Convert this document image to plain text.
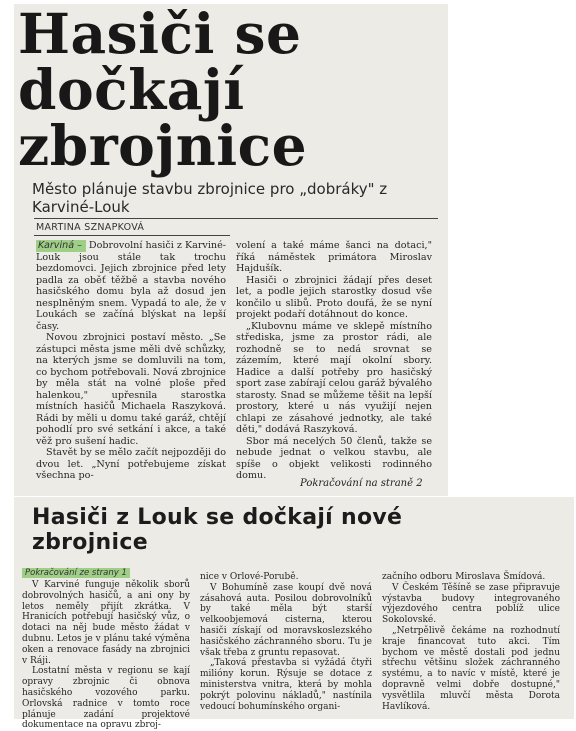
Hasiči se dočkají zbrojnice

Město plánuje stavbu zbrojnice pro „dobráky" z Karviné-Louk

MARTINA SZNAPKOVÁ

Karviná – Dobrovolní hasiči z Karviné-Louk jsou stále tak trochu bezdomovci. Jejich zbrojnice před lety padla za oběť těžbě a stavba nového hasičského domu byla až dosud jen nesplněným snem. Vypadá to ale, že v Loukách se začíná blýskat na lepší časy.

Novou zbrojnici postaví město. „Se zástupci města jsme měli dvě schůzky, na kterých jsme se domluvili na tom, co bychom potřebovali. Nová zbrojnice by měla stát na volné ploše před halenkou," upřesnila starostka místních hasičů Michaela Raszyková. Rádi by měli u domu také garáž, chtějí pohodlí pro své setkání i akce, a také věž pro sušení hadic.

Stavět by se mělo začít nejpozději do dvou let. „Nyní potřebujeme získat všechna po-

volení a také máme šanci na dotaci," říká náměstek primátora Miroslav Hajdušík.

Hasiči o zbrojnici žádají přes deset let, a podle jejich starostky dosud vše končilo u slibů. Proto doufá, že se nyní projekt podaří dotáhnout do konce.

„Klubovnu máme ve sklepě místního střediska, jsme za prostor rádi, ale rozhodně se to nedá srovnat se zázemím, které mají okolní sbory. Hadice a další potřeby pro hasičský sport zase zabírají celou garáž bývalého starosty. Snad se můžeme těšit na lepší prostory, které u nás využijí nejen chlapi ze zásahové jednotky, ale také děti," dodává Raszyková.

Sbor má necelých 50 členů, takže se nebude jednat o velkou stavbu, ale spíše o objekt velikosti rodinného domu.

Pokračování na straně 2
Hasiči z Louk se dočkají nové zbrojnice
Pokračování ze strany 1

V Karviné funguje několik sborů dobrovolných hasičů, a ani ony by letos neměly přijít zkrátka. V Hranicích potřebují hasičský vůz, o dotaci na něj bude město žádat v dubnu. Letos je v plánu také výměna oken a renovace fasády na zbrojnici v Ráji.

Lostatní města v regionu se kají opravy zbrojnic či obnova hasičského vozového parku. Orlovská radnice v tomto roce plánuje zadání projektové dokumentace na opravu zbroj-

nice v Orlové-Porubě.

V Bohumíně zase koupí dvě nová zásahová auta. Posilou dobrovolníků by také měla být starší velkoobjemová cisterna, kterou hasiči získají od moravskoslezského hasičského záchranného sboru. Tu je však třeba z gruntu repasovat.

„Taková přestavba si vyžádá čtyři milióny korun. Rýsuje se dotace z ministerstva vnitra, která by mohla pokrýt polovinu nákladů," nastínila vedoucí bohumínského organi-

začního odboru Miroslava Šmídová.

V Českém Těšíně se zase připravuje výstavba budovy integrovaného výjezdového centra poblíž ulice Sokolovské.

„Netrpělivě čekáme na rozhodnutí kraje financovat tuto akci. Tím bychom ve městě dostali pod jednu střechu většinu složek záchranného systému, a to navíc v místě, které je dopravně velmi dobře dostupné," vysvětlila mluvčí města Dorota Havlíková.
